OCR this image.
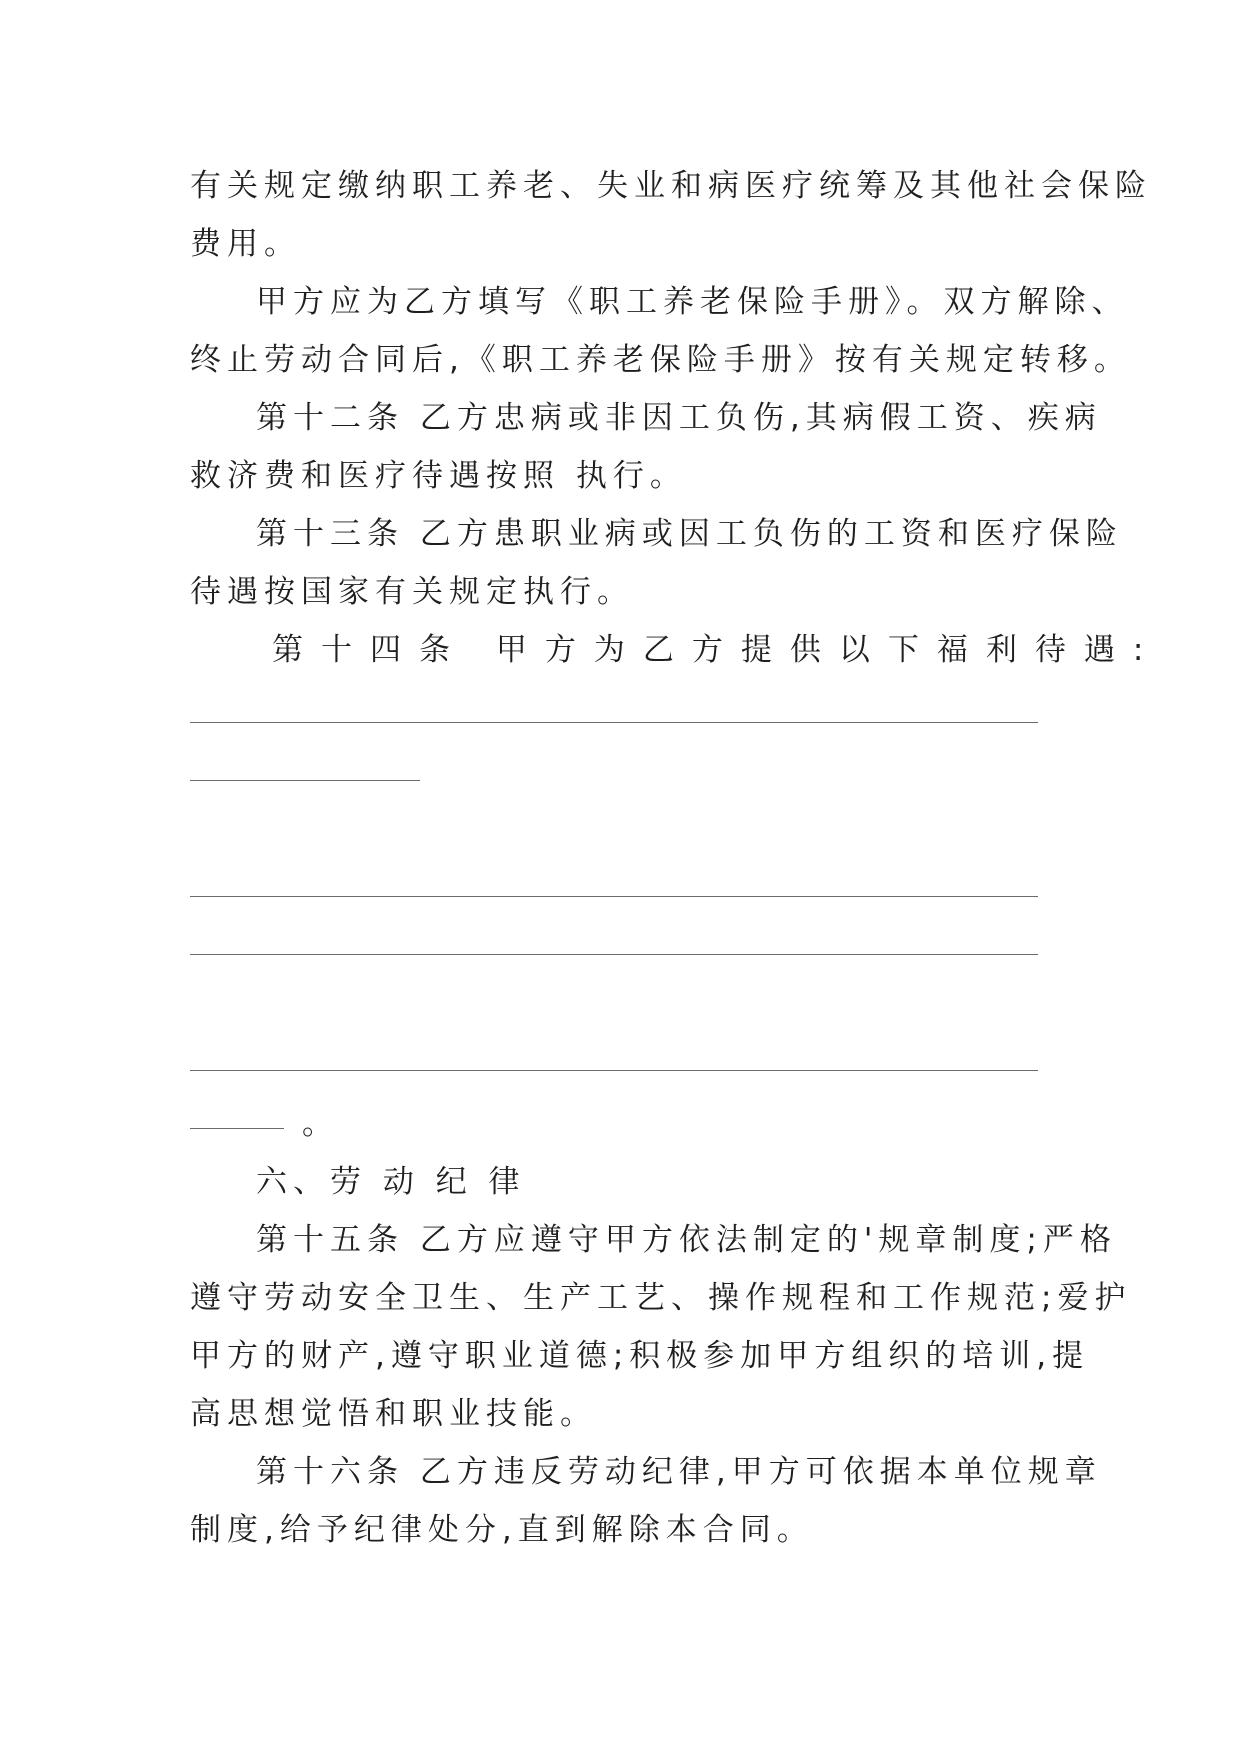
有关规定缴纳职工养老、失业和病医疗统筹及其他社会保险
费用。
甲方应为乙方填写《职工养老保险手册》。双方解除、
终止劳动合同后,《职工养老保险手册》按有关规定转移。
第十二条 乙方忠病或非因工负伤,其病假工资、疾病
救济费和医疗待遇按照 执行。
第十三条 乙方患职业病或因工负伤的工资和医疗保险
待遇按国家有关规定执行。
第十四条 甲方为乙方提供以下福利待遇:
。
六、劳 动 纪 律
第十五条 乙方应遵守甲方依法制定的'规章制度;严格
遵守劳动安全卫生、生产工艺、操作规程和工作规范;爱护
甲方的财产,遵守职业道德;积极参加甲方组织的培训,提
高思想觉悟和职业技能。
第十六条 乙方违反劳动纪律,甲方可依据本单位规章
制度,给予纪律处分,直到解除本合同。
